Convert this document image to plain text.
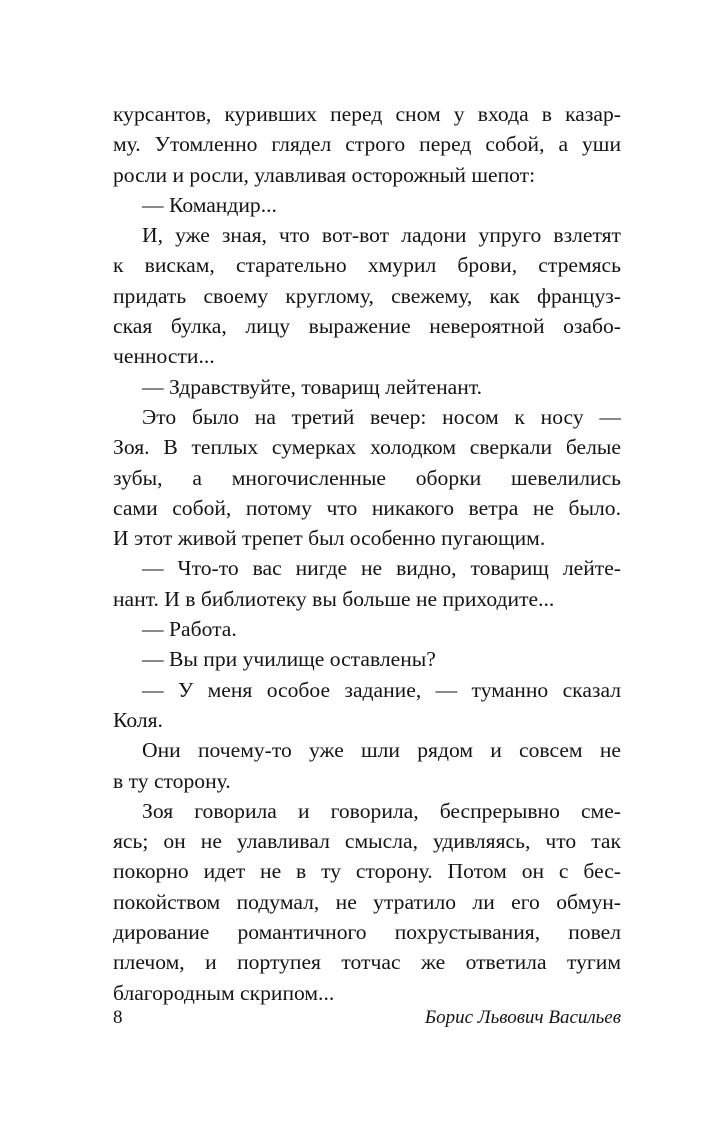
курсантов, куривших перед сном у входа в казар-
му. Утомленно глядел строго перед собой, а уши
росли и росли, улавливая осторожный шепот:
— Командир...
И, уже зная, что вот-вот ладони упруго взлетят
к вискам, старательно хмурил брови, стремясь
придать своему круглому, свежему, как француз-
ская булка, лицу выражение невероятной озабо-
ченности...
— Здравствуйте, товарищ лейтенант.
Это было на третий вечер: носом к носу —
Зоя. В теплых сумерках холодком сверкали белые
зубы, а многочисленные оборки шевелились
сами собой, потому что никакого ветра не было.
И этот живой трепет был особенно пугающим.
— Что-то вас нигде не видно, товарищ лейте-
нант. И в библиотеку вы больше не приходите...
— Работа.
— Вы при училище оставлены?
— У меня особое задание, — туманно сказал
Коля.
Они почему-то уже шли рядом и совсем не
в ту сторону.
Зоя говорила и говорила, беспрерывно сме-
ясь; он не улавливал смысла, удивляясь, что так
покорно идет не в ту сторону. Потом он с бес-
покойством подумал, не утратило ли его обмун-
дирование романтичного похрустывания, повел
плечом, и портупея тотчас же ответила тугим
благородным скрипом...
8	Борис Львович Васильев
